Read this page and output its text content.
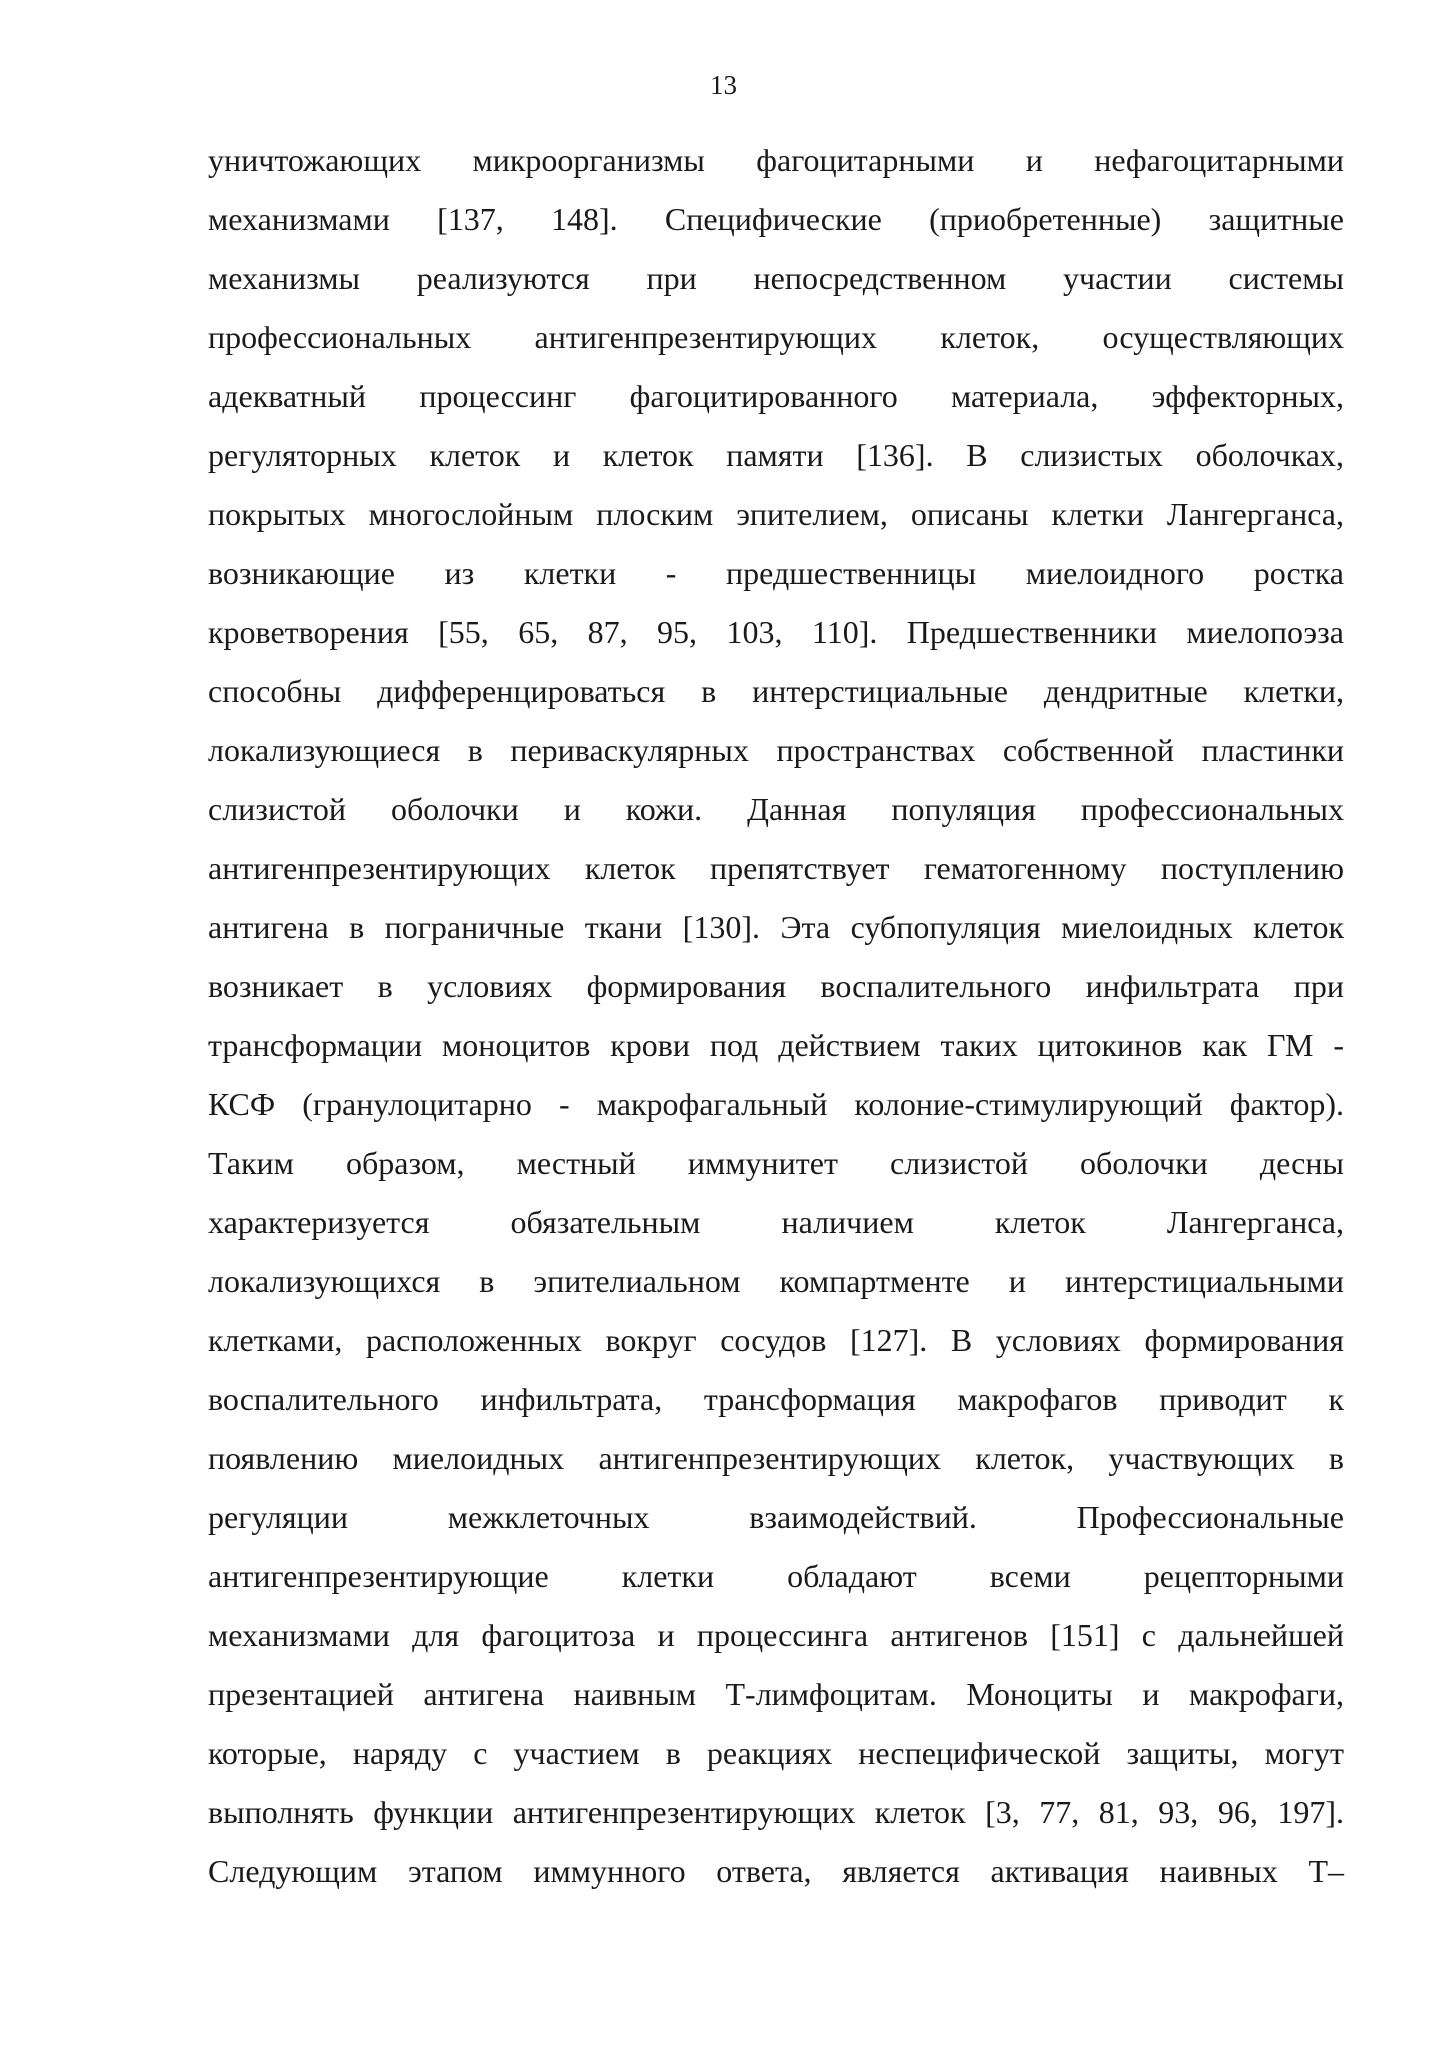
13
уничтожающих микроорганизмы фагоцитарными и нефагоцитарными
механизмами [137, 148]. Специфические (приобретенные) защитные
механизмы реализуются при непосредственном участии системы
профессиональных антигенпрезентирующих клеток, осуществляющих
адекватный процессинг фагоцитированного материала, эффекторных,
регуляторных клеток и клеток памяти [136]. В слизистых оболочках,
покрытых многослойным плоским эпителием, описаны клетки Лангерганса,
возникающие из клетки - предшественницы миелоидного ростка
кроветворения [55, 65, 87, 95, 103, 110]. Предшественники миелопоэза
способны дифференцироваться в интерстициальные дендритные клетки,
локализующиеся в периваскулярных пространствах собственной пластинки
слизистой оболочки и кожи. Данная популяция профессиональных
антигенпрезентирующих клеток препятствует гематогенному поступлению
антигена в пограничные ткани [130]. Эта субпопуляция миелоидных клеток
возникает в условиях формирования воспалительного инфильтрата при
трансформации моноцитов крови под действием таких цитокинов как ГМ -
КСФ (гранулоцитарно - макрофагальный колоние-стимулирующий фактор).
Таким образом, местный иммунитет слизистой оболочки десны
характеризуется обязательным наличием клеток Лангерганса,
локализующихся в эпителиальном компартменте и интерстициальными
клетками, расположенных вокруг сосудов [127]. В условиях формирования
воспалительного инфильтрата, трансформация макрофагов приводит к
появлению миелоидных антигенпрезентирующих клеток, участвующих в
регуляции межклеточных взаимодействий. Профессиональные
антигенпрезентирующие клетки обладают всеми рецепторными
механизмами для фагоцитоза и процессинга антигенов [151] с дальнейшей
презентацией антигена наивным Т-лимфоцитам. Моноциты и макрофаги,
которые, наряду с участием в реакциях неспецифической защиты, могут
выполнять функции антигенпрезентирующих клеток [3, 77, 81, 93, 96, 197].
Следующим этапом иммунного ответа, является активация наивных Т–
